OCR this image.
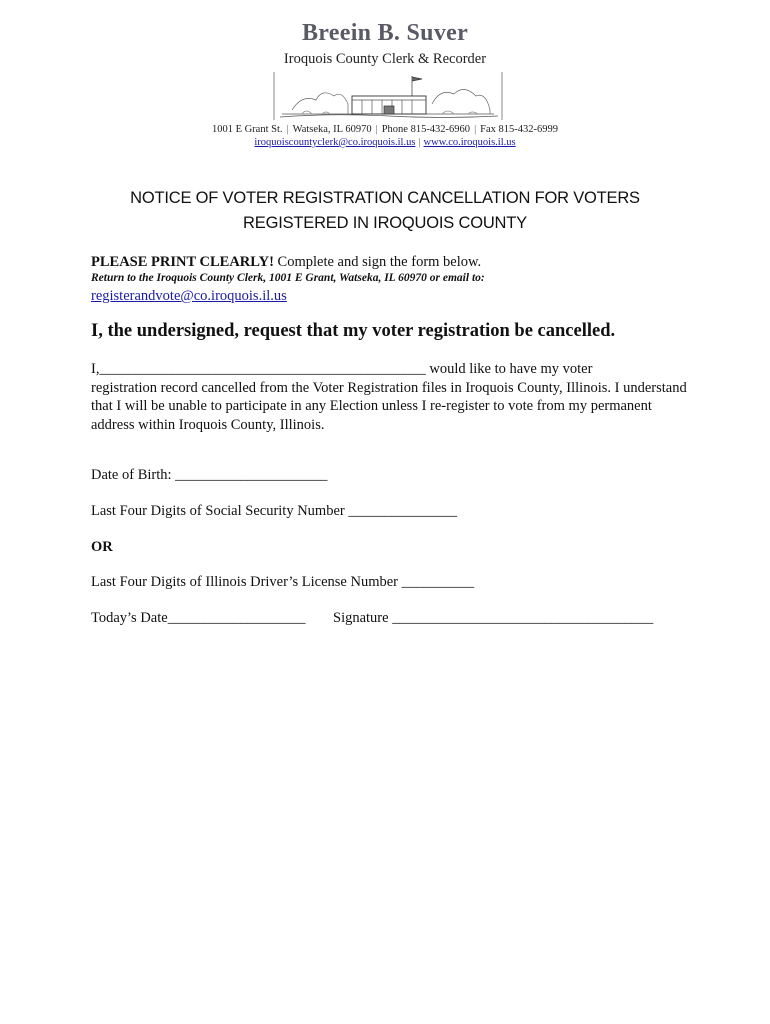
Breein B. Suver
Iroquois County Clerk & Recorder
1001 E Grant St. | Watseka, IL 60970 | Phone 815-432-6960 | Fax 815-432-6999
iroquoiscountyclerk@co.iroquois.il.us | www.co.iroquois.il.us
NOTICE OF VOTER REGISTRATION CANCELLATION FOR VOTERS
REGISTERED IN IROQUOIS COUNTY
PLEASE PRINT CLEARLY! Complete and sign the form below.
Return to the Iroquois County Clerk, 1001 E Grant, Watseka, IL 60970 or email to:
registerandvote@co.iroquois.il.us
I, the undersigned, request that my voter registration be cancelled.
I,_____________________________________________ would like to have my voter
registration record cancelled from the Voter Registration files in Iroquois County, Illinois. I understand that I will be unable to participate in any Election unless I re-register to vote from my permanent address within Iroquois County, Illinois.
Date of Birth: _____________________
Last Four Digits of Social Security Number _______________
OR
Last Four Digits of Illinois Driver’s License Number __________
Today’s Date___________________ Signature ____________________________________
